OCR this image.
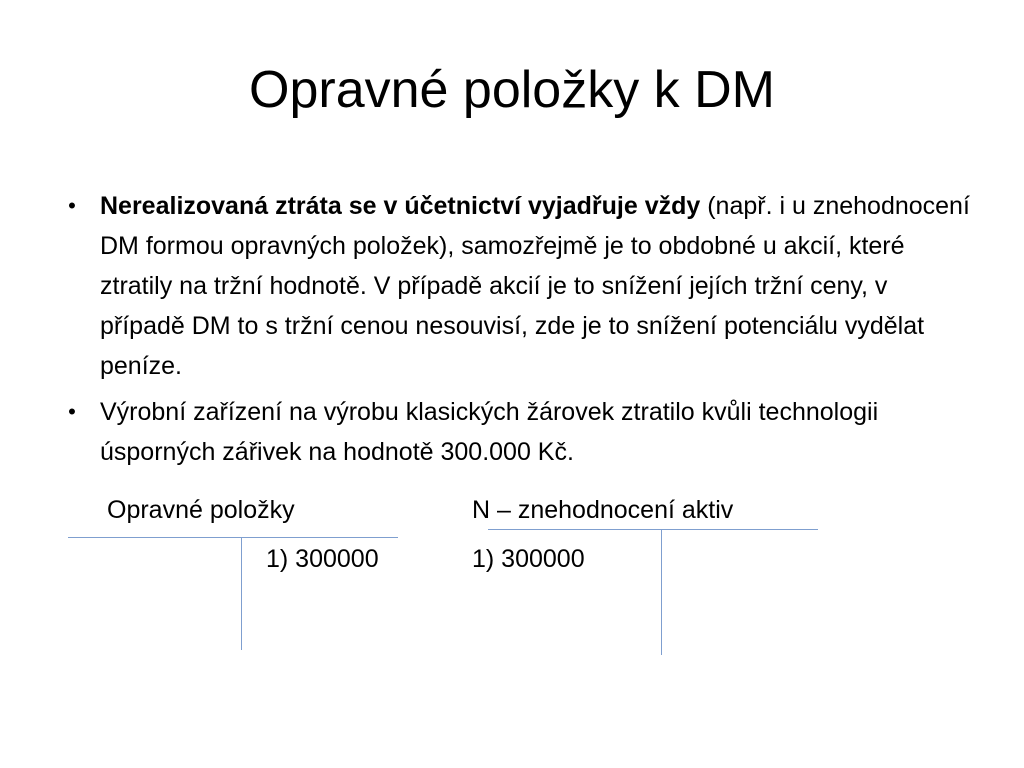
Opravné položky k DM
• Nerealizovaná ztráta se v účetnictví vyjadřuje vždy (např. i u znehodnocení DM formou opravných položek), samozřejmě je to obdobné u akcií, které ztratily na tržní hodnotě. V případě akcií je to snížení jejích tržní ceny, v případě DM to s tržní cenou nesouvisí, zde je to snížení potenciálu vydělat peníze.
• Výrobní zařízení na výrobu klasických žárovek ztratilo kvůli technologii úsporných zářivek na hodnotě 300.000 Kč.
Opravné položky
1) 300000
N – znehodnocení aktiv
1) 300000
